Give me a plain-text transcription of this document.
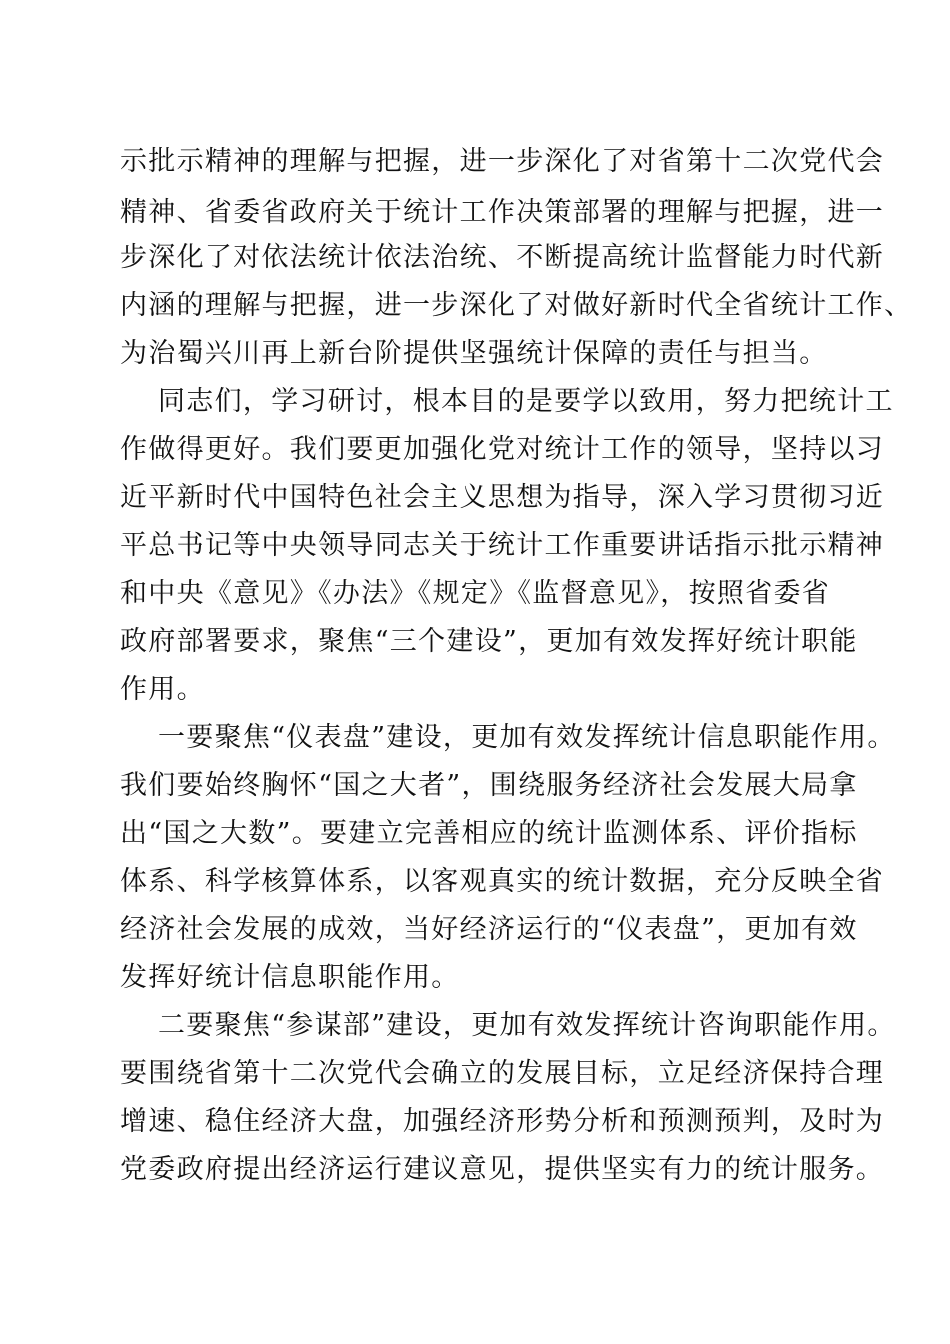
示批示精神的理解与把握，进一步深化了对省第十二次党代会
精神、省委省政府关于统计工作决策部署的理解与把握，进一
步深化了对依法统计依法治统、不断提高统计监督能力时代新
内涵的理解与把握，进一步深化了对做好新时代全省统计工作、
为治蜀兴川再上新台阶提供坚强统计保障的责任与担当。
同志们，学习研讨，根本目的是要学以致用，努力把统计工
作做得更好。我们要更加强化党对统计工作的领导，坚持以习
近平新时代中国特色社会主义思想为指导，深入学习贯彻习近
平总书记等中央领导同志关于统计工作重要讲话指示批示精神
和中央《意见》《办法》《规定》《监督意见》，按照省委省
政府部署要求，聚焦“三个建设”，更加有效发挥好统计职能
作用。
一要聚焦“仪表盘”建设，更加有效发挥统计信息职能作用。
我们要始终胸怀“国之大者”，围绕服务经济社会发展大局拿
出“国之大数”。要建立完善相应的统计监测体系、评价指标
体系、科学核算体系，以客观真实的统计数据，充分反映全省
经济社会发展的成效，当好经济运行的“仪表盘”，更加有效
发挥好统计信息职能作用。
二要聚焦“参谋部”建设，更加有效发挥统计咨询职能作用。
要围绕省第十二次党代会确立的发展目标，立足经济保持合理
增速、稳住经济大盘，加强经济形势分析和预测预判，及时为
党委政府提出经济运行建议意见，提供坚实有力的统计服务。
